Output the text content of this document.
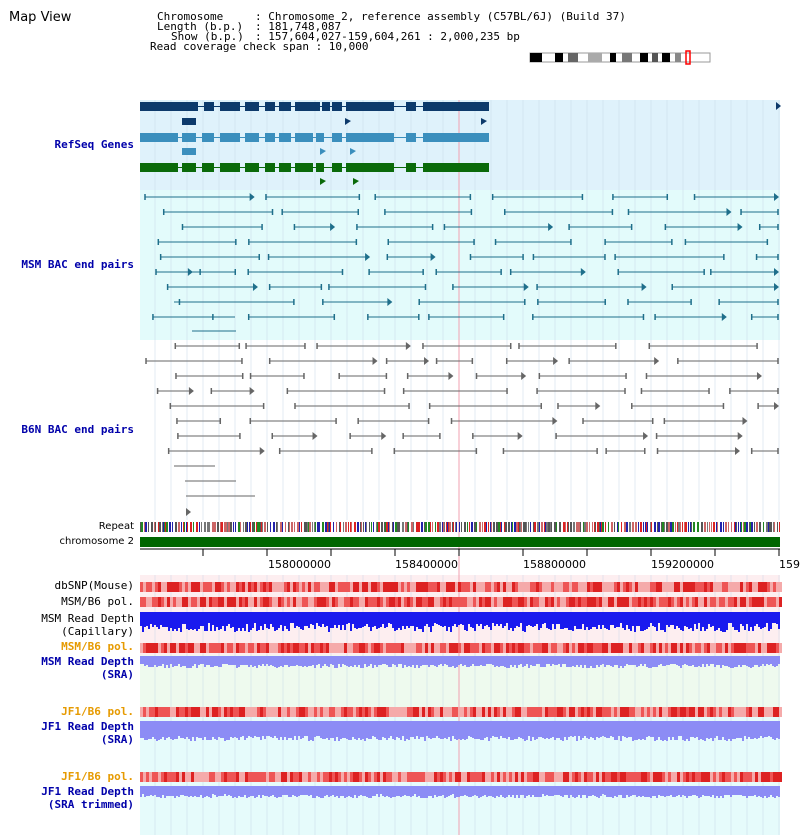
Map View	Chromosome	: Chromosome 2, reference assembly (C57BL/6J) (Build 37)
Length (b.p.) : 181,748,087
Show (b.p.) : 157,604,027-159,604,261 : 2,000,235 bp
Read coverage check span : 10,000
RefSeq Genes
MSM BAC end pairs
B6N BAC end pairs
Repeat
chromosome 2
158000000	158400000	158800000	159200000	159
dbSNP(Mouse)
MSM/B6 pol.
MSM Read Depth
(Capillary)
MSM/B6 pol.
MSM Read Depth
(SRA)
JF1/B6 pol.
JF1 Read Depth
(SRA)
JF1/B6 pol.
JF1 Read Depth
(SRA trimmed)
